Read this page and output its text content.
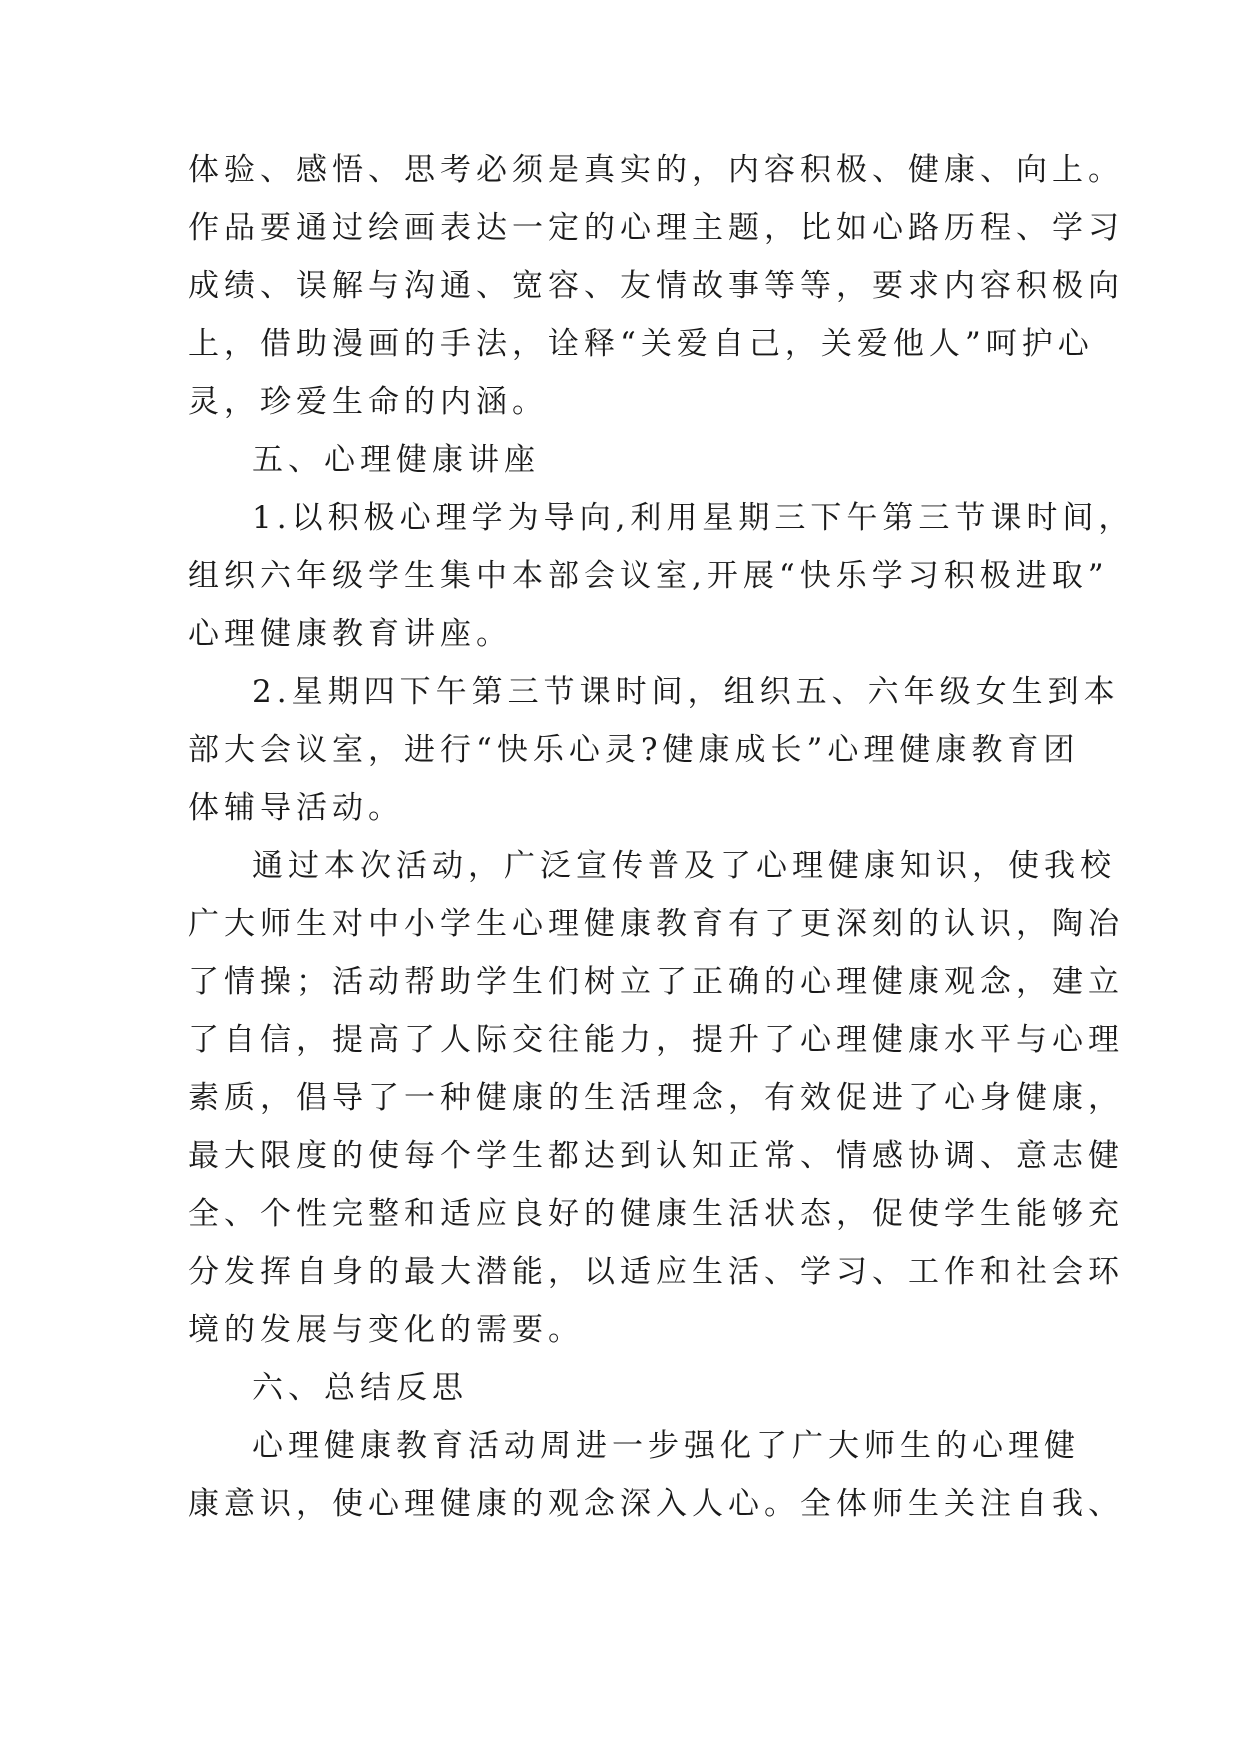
体验、感悟、思考必须是真实的，内容积极、健康、向上。
作品要通过绘画表达一定的心理主题，比如心路历程、学习
成绩、误解与沟通、宽容、友情故事等等，要求内容积极向
上，借助漫画的手法，诠释“关爱自己，关爱他人”呵护心
灵，珍爱生命的内涵。
五、心理健康讲座
1.以积极心理学为导向,利用星期三下午第三节课时间，
组织六年级学生集中本部会议室,开展“快乐学习积极进取”
心理健康教育讲座。
2.星期四下午第三节课时间，组织五、六年级女生到本
部大会议室，进行“快乐心灵?健康成长”心理健康教育团
体辅导活动。
通过本次活动，广泛宣传普及了心理健康知识，使我校
广大师生对中小学生心理健康教育有了更深刻的认识，陶冶
了情操；活动帮助学生们树立了正确的心理健康观念，建立
了自信，提高了人际交往能力，提升了心理健康水平与心理
素质，倡导了一种健康的生活理念，有效促进了心身健康，
最大限度的使每个学生都达到认知正常、情感协调、意志健
全、个性完整和适应良好的健康生活状态，促使学生能够充
分发挥自身的最大潜能，以适应生活、学习、工作和社会环
境的发展与变化的需要。
六、总结反思
心理健康教育活动周进一步强化了广大师生的心理健
康意识，使心理健康的观念深入人心。全体师生关注自我、
